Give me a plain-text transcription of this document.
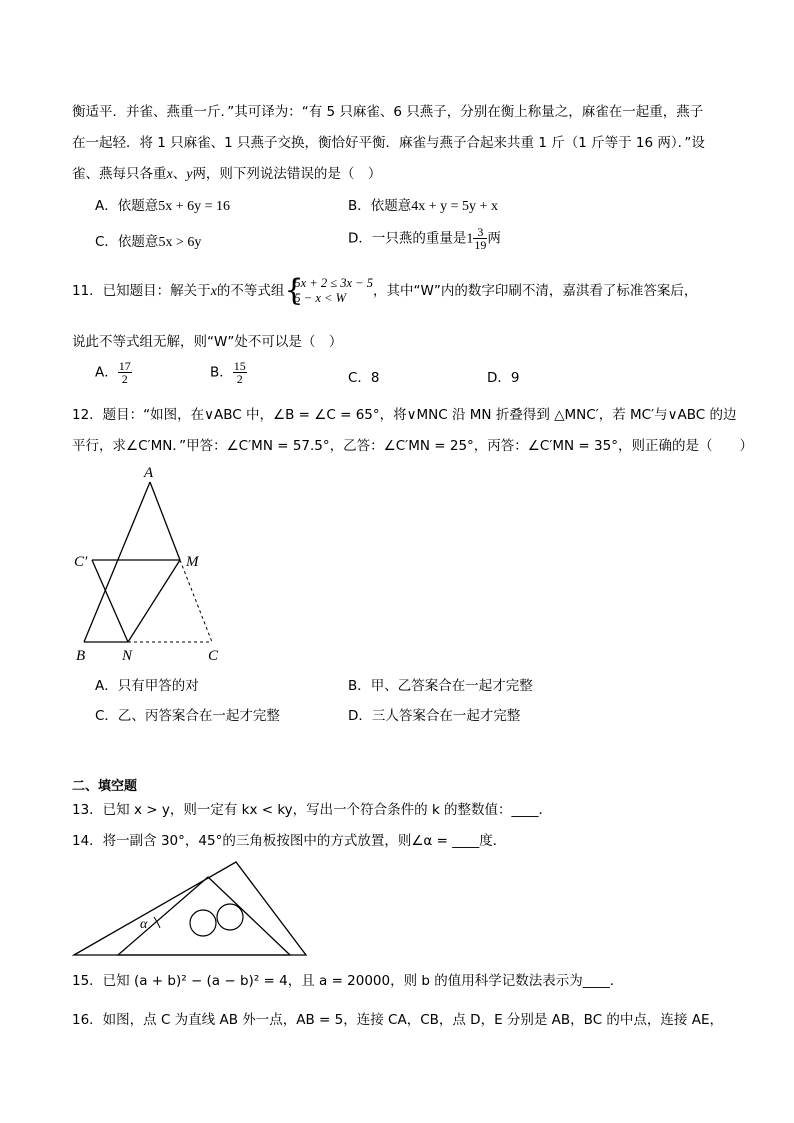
衡适平．并雀、燕重一斤．”其可译为：“有 5 只麻雀、6 只燕子，分别在衡上称量之，麻雀在一起重，燕子
在一起轻．将 1 只麻雀、1 只燕子交换，衡恰好平衡．麻雀与燕子合起来共重 1 斤（1 斤等于 16 两）．”设
雀、燕每只各重x、y两，则下列说法错误的是（　）
A．依题意5x + 6y = 16	B．依题意4x + y = 5y + x
C．依题意5x > 6y	D．一只燕的重量是$1 \frac{3}{19}$ 两
11．已知题目：解关于x的不等式组 {
5x + 2 ≤ 3x − 5
5 − x < W	，其中“W”内的数字印刷不清，嘉淇看了标准答案后，
说此不等式组无解，则“W”处不可以是（　）
A． $\frac{17}{2}$	B． $\frac{15}{2}$	C．8	D．9
12．题目：“如图，在∨ABC 中，∠B = ∠C = 65°，将∨MNC 沿 MN 折叠得到 △MNC′，若 MC′与∨ABC 的边
平行，求∠C′MN．”甲答：∠C′MN = 57.5°，乙答：∠C′MN = 25°，丙答：∠C′MN = 35°，则正确的是（　　）
A
C′	M
B N	C
A．只有甲答的对	B．甲、乙答案合在一起才完整
C．乙、丙答案合在一起才完整	D．三人答案合在一起才完整
二、填空题
13．已知 x > y，则一定有 kx < ky，写出一个符合条件的 k 的整数值：____．
14．将一副含 30°，45°的三角板按图中的方式放置，则∠α = ____度．
α
15．已知 (a + b)² − (a − b)² = 4，且 a = 20000，则 b 的值用科学记数法表示为____．
16．如图，点 C 为直线 AB 外一点，AB = 5，连接 CA，CB，点 D，E 分别是 AB，BC 的中点，连接 AE，
